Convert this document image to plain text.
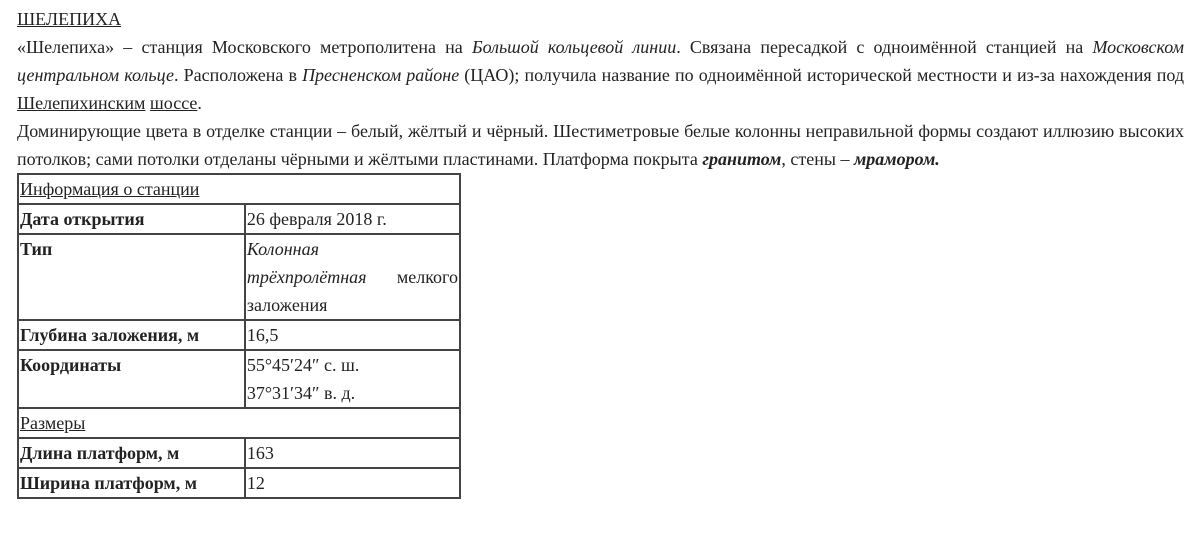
ШЕЛЕПИХА

«Шелепиха» – станция Московского метрополитена на Большой кольцевой линии. Связана пересадкой с одноимённой станцией на Московском центральном кольце. Расположена в Пресненском районе (ЦАО); получила название по одноимённой исторической местности и из-за нахождения под Шелепихинским шоссе.

Доминирующие цвета в отделке станции – белый, жёлтый и чёрный. Шестиметровые белые колонны неправильной формы создают иллюзию высоких потолков; сами потолки отделаны чёрными и жёлтыми пластинами. Платформа покрыта гранитом, стены – мрамором.

Информация о станции	
Дата открытия	26 февраля 2018 г.
Тип	Колонная
трёхпролётная мелкого заложения
Глубина заложения, м	16,5
Координаты	55°45′24″ с. ш.
37°31′34″ в. д.
Размеры	
Длина платформ, м	163
Ширина платформ, м	12
